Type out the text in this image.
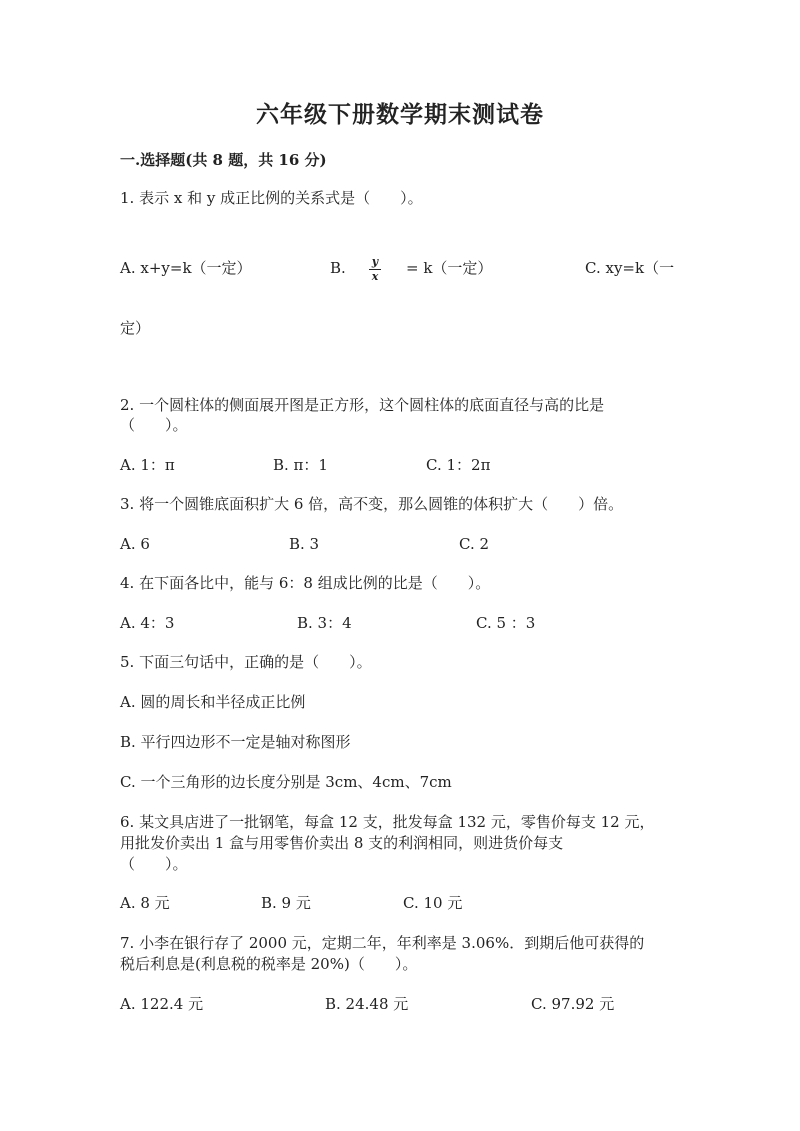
六年级下册数学期末测试卷
一.选择题(共 8 题，共 16 分)
1. 表示 x 和 y 成正比例的关系式是（　　）。
A. x+y=k（一定）	B. y
x = k（一定）	C. xy=k（一
定）
2. 一个圆柱体的侧面展开图是正方形，这个圆柱体的底面直径与高的比是
（　　）。
A. 1：π	B. π：1	C. 1：2π
3. 将一个圆锥底面积扩大 6 倍，高不变，那么圆锥的体积扩大（　　）倍。
A. 6	B. 3	C. 2
4. 在下面各比中，能与 6：8 组成比例的比是（　　）。
A. 4：3	B. 3：4	C. 5 ：3
5. 下面三句话中，正确的是（　　）。
A. 圆的周长和半径成正比例
B. 平行四边形不一定是轴对称图形
C. 一个三角形的边长度分别是 3cm、4cm、7cm
6. 某文具店进了一批钢笔，每盒 12 支，批发每盒 132 元，零售价每支 12 元，
用批发价卖出 1 盒与用零售价卖出 8 支的利润相同，则进货价每支
（　　）。
A. 8 元	B. 9 元	C. 10 元
7. 小李在银行存了 2000 元，定期二年，年利率是 3.06%．到期后他可获得的
税后利息是(利息税的税率是 20%)（　　）。
A. 122.4 元	B. 24.48 元	C. 97.92 元
